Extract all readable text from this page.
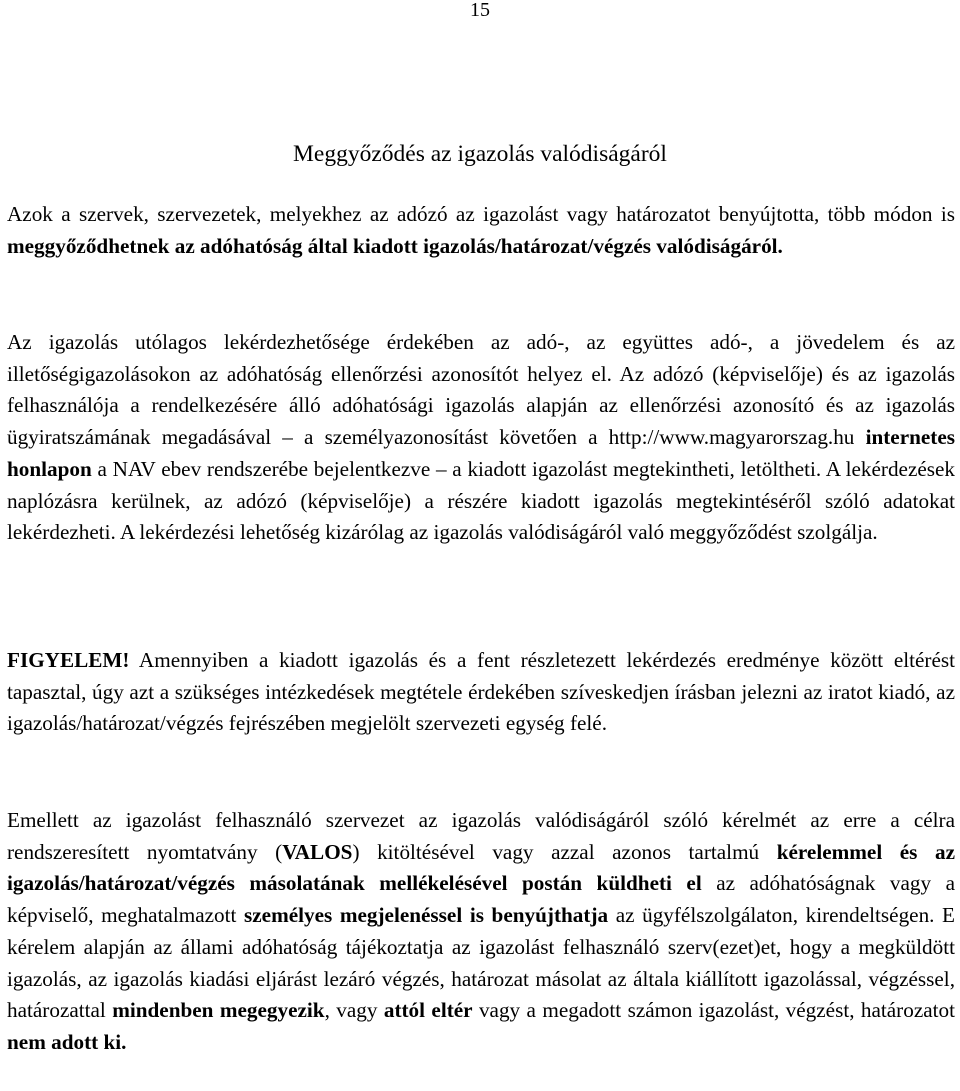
15
Meggyőződés az igazolás valódiságáról

Azok a szervek, szervezetek, melyekhez az adózó az igazolást vagy határozatot benyújtotta, több módon is meggyőződhetnek az adóhatóság által kiadott igazolás/határozat/végzés valódiságáról.

Az igazolás utólagos lekérdezhetősége érdekében az adó-, az együttes adó-, a jövedelem és az illetőségigazolásokon az adóhatóság ellenőrzési azonosítót helyez el. Az adózó (képviselője) és az igazolás felhasználója a rendelkezésére álló adóhatósági igazolás alapján az ellenőrzési azonosító és az igazolás ügyiratszámának megadásával – a személyazonosítást követően a http://www.magyarorszag.hu internetes honlapon a NAV ebev rendszerébe bejelentkezve – a kiadott igazolást megtekintheti, letöltheti. A lekérdezések naplózásra kerülnek, az adózó (képviselője) a részére kiadott igazolás megtekintéséről szóló adatokat lekérdezheti. A lekérdezési lehetőség kizárólag az igazolás valódiságáról való meggyőződést szolgálja.

FIGYELEM! Amennyiben a kiadott igazolás és a fent részletezett lekérdezés eredménye között eltérést tapasztal, úgy azt a szükséges intézkedések megtétele érdekében szíveskedjen írásban jelezni az iratot kiadó, az igazolás/határozat/végzés fejrészében megjelölt szervezeti egység felé.

Emellett az igazolást felhasználó szervezet az igazolás valódiságáról szóló kérelmét az erre a célra rendszeresített nyomtatvány (VALOS) kitöltésével vagy azzal azonos tartalmú kérelemmel és az igazolás/határozat/végzés másolatának mellékelésével postán küldheti el az adóhatóságnak vagy a képviselő, meghatalmazott személyes megjelenéssel is benyújthatja az ügyfélszolgálaton, kirendeltségen. E kérelem alapján az állami adóhatóság tájékoztatja az igazolást felhasználó szerv(ezet)et, hogy a megküldött igazolás, az igazolás kiadási eljárást lezáró végzés, határozat másolat az általa kiállított igazolással, végzéssel, határozattal mindenben megegyezik, vagy attól eltér vagy a megadott számon igazolást, végzést, határozatot nem adott ki.
